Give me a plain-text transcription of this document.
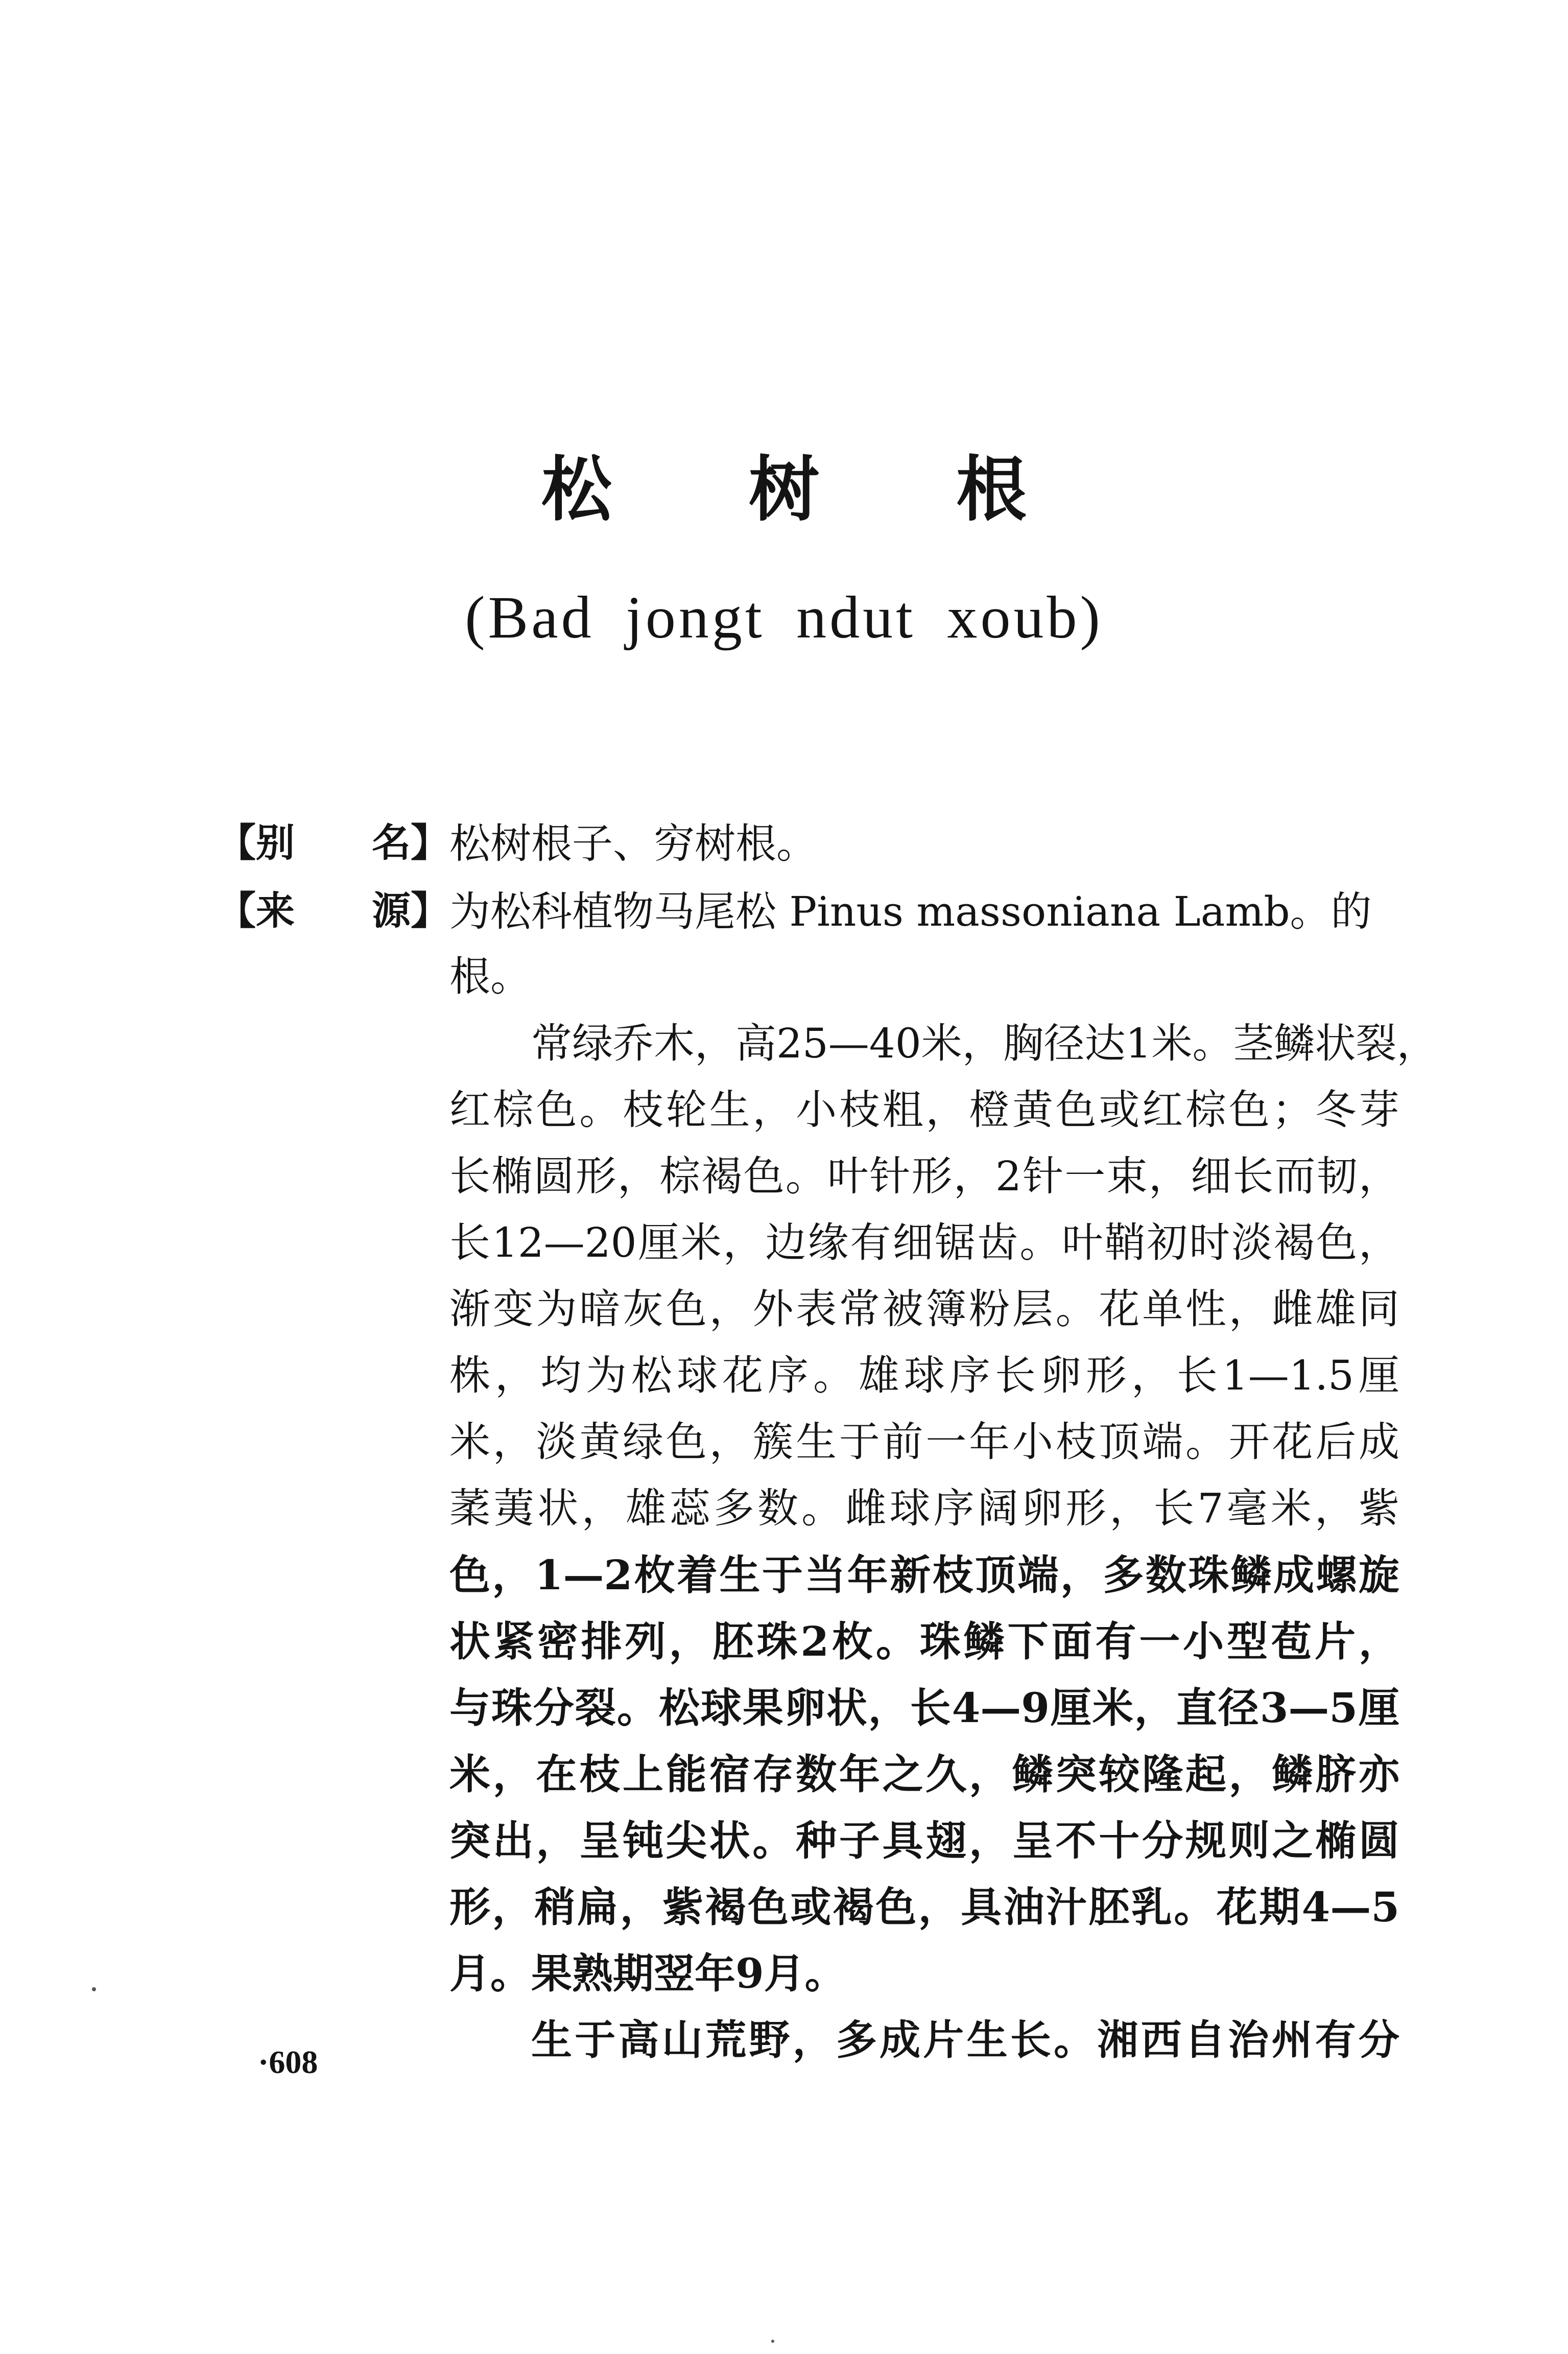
松 树 根
(Bad jongt ndut xoub)
【别 名】 松树根子、穷树根。
【来 源】 为松科植物马尾松 Pinus massoniana Lamb。的
根。
常绿乔木，高25—40米，胸径达1米。茎鳞状裂，
红棕色。枝轮生，小枝粗，橙黄色或红棕色；冬芽
长椭圆形，棕褐色。叶针形，2针一束，细长而韧，
长12—20厘米，边缘有细锯齿。叶鞘初时淡褐色，
渐变为暗灰色，外表常被簿粉层。花单性，雌雄同
株，均为松球花序。雄球序长卵形，长1—1.5厘
米，淡黄绿色，簇生于前一年小枝顶端。开花后成
葇荑状，雄蕊多数。雌球序阔卵形，长7毫米，紫
色，1—2枚着生于当年新枝顶端，多数珠鳞成螺旋
状紧密排列，胚珠2枚。珠鳞下面有一小型苞片，
与珠分裂。松球果卵状，长4—9厘米，直径3—5厘
米，在枝上能宿存数年之久，鳞突较隆起，鳞脐亦
突出，呈钝尖状。种子具翅，呈不十分规则之椭圆
形，稍扁，紫褐色或褐色，具油汁胚乳。花期4—5
月。果熟期翌年9月。
生于高山荒野，多成片生长。湘西自治州有分
·608
